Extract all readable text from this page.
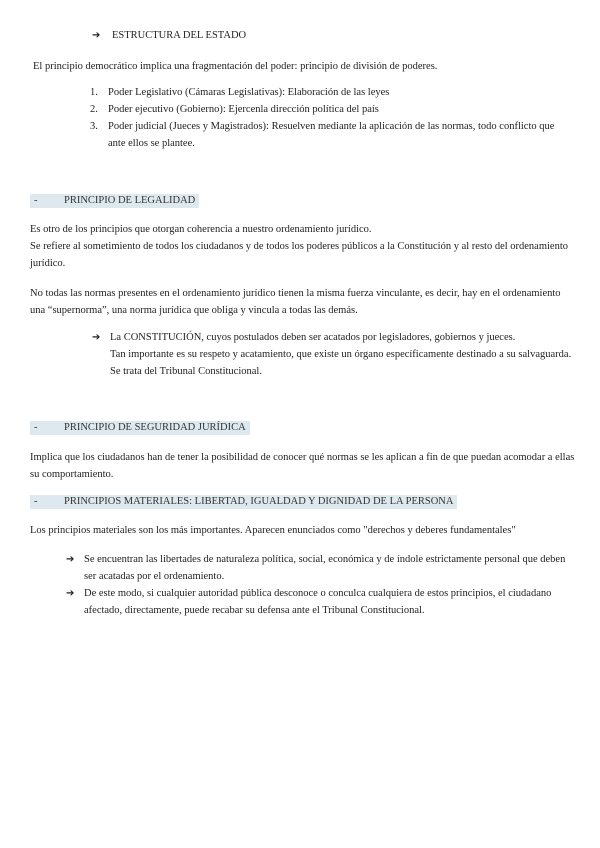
➔ ESTRUCTURA DEL ESTADO

El principio democrático implica una fragmentación del poder: principio de división de poderes.

1. Poder Legislativo (Cámaras Legislativas): Elaboración de las leyes
2. Poder ejecutivo (Gobierno): Ejercenla dirección política del país
3. Poder judicial (Jueces y Magistrados): Resuelven mediante la aplicación de las normas, todo conflicto que ante ellos se plantee.
-	PRINCIPIO DE LEGALIDAD

Es otro de los principios que otorgan coherencia a nuestro ordenamiento jurídico.

Se refiere al sometimiento de todos los ciudadanos y de todos los poderes públicos a la Constitución y al resto del ordenamiento jurídico.

No todas las normas presentes en el ordenamiento jurídico tienen la misma fuerza vinculante, es decir, hay en el ordenamiento una “supernorma”, una norma jurídica que obliga y vincula a todas las demás.

➔ La CONSTITUCIÓN, cuyos postulados deben ser acatados por legisladores, gobiernos y jueces.
Tan importante es su respeto y acatamiento, que existe un órgano específicamente destinado a su salvaguarda.
Se trata del Tribunal Constitucional.
-	PRINCIPIO DE SEGURIDAD JURÍDICA

Implica que los ciudadanos han de tener la posibilidad de conocer qué normas se les aplican a fin de que puedan acomodar a ellas su comportamiento.

-	PRINCIPIOS MATERIALES: LIBERTAD, IGUALDAD Y DIGNIDAD DE LA PERSONA

Los principios materiales son los más importantes. Aparecen enunciados como "derechos y deberes fundamentales"

➔ Se encuentran las libertades de naturaleza política, social, económica y de índole estrictamente personal que deben ser acatadas por el ordenamiento.
➔ De este modo, si cualquier autoridad pública desconoce o conculca cualquiera de estos principios, el ciudadano afectado, directamente, puede recabar su defensa ante el Tribunal Constitucional.
